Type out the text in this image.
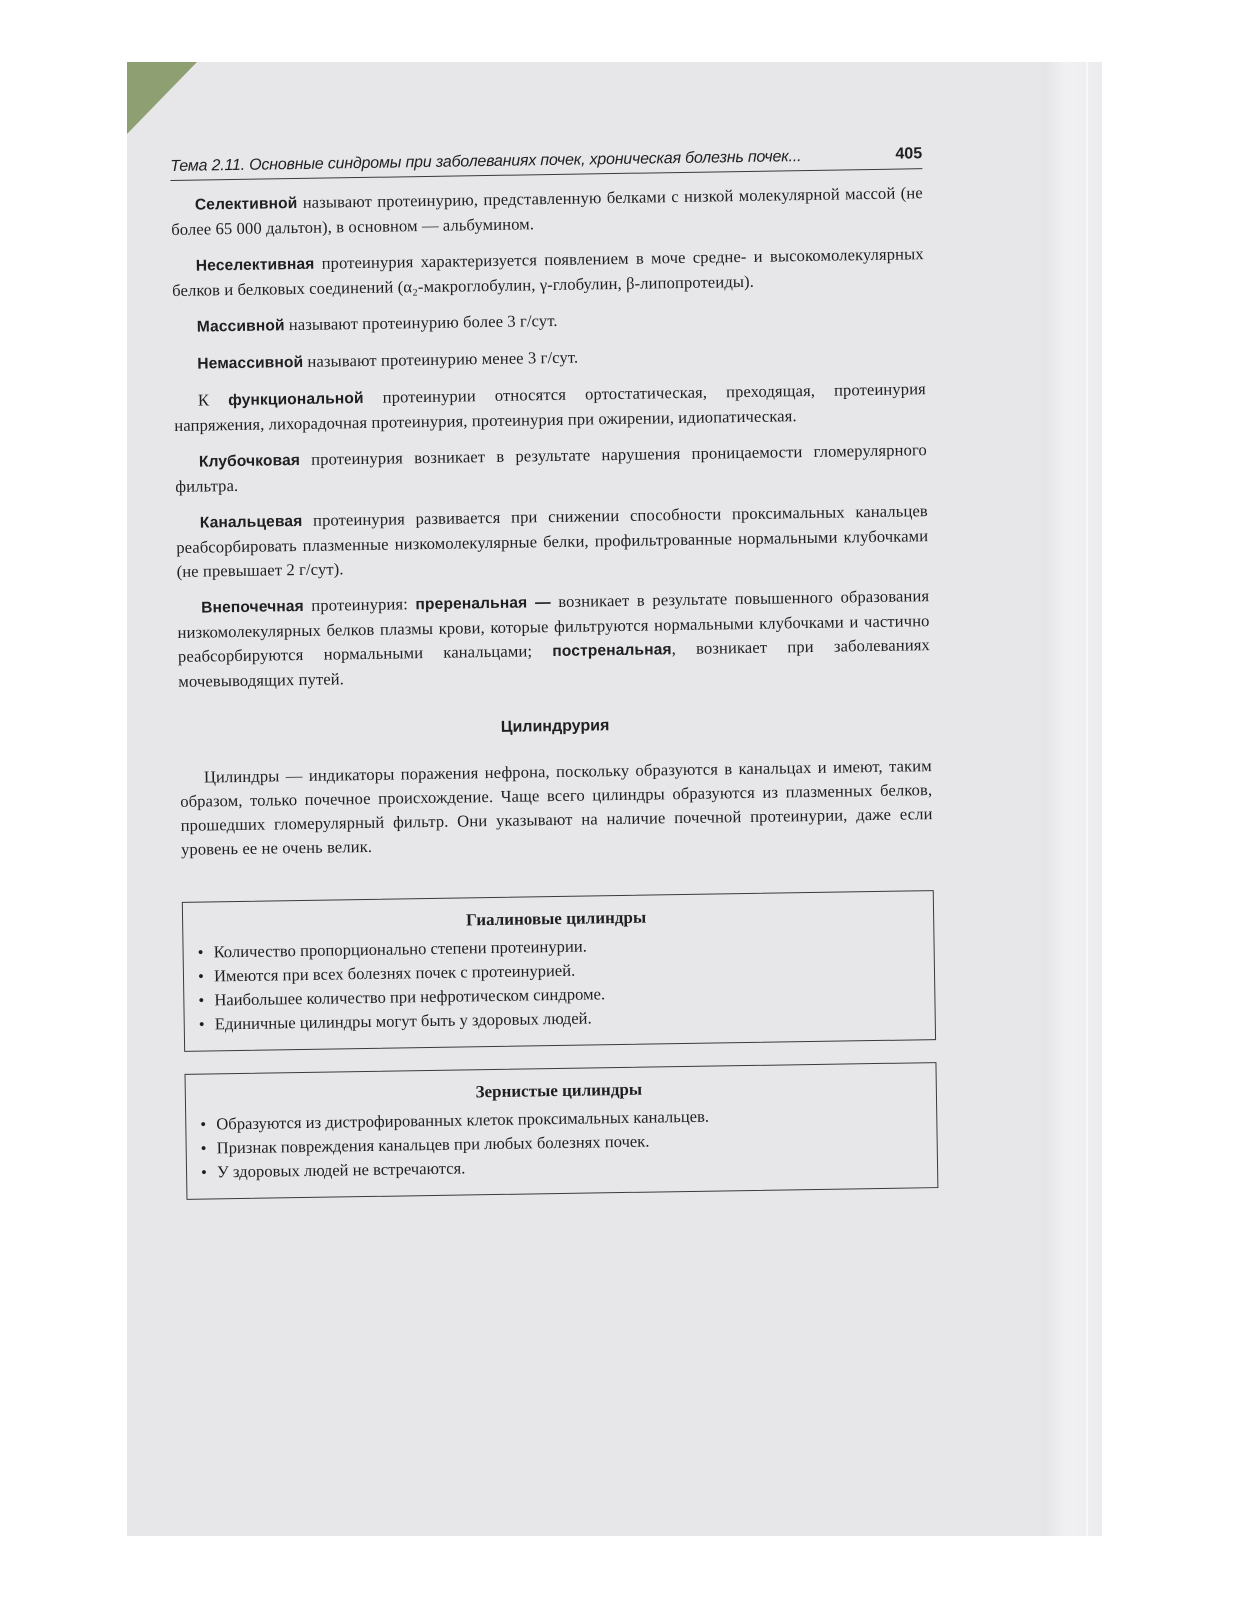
Тема 2.11. Основные синдромы при заболеваниях почек, хроническая болезнь почек...	405

Селективной называют протеинурию, представленную белками с низкой молекулярной массой (не более 65 000 дальтон), в основном — альбумином.

Неселективная протеинурия характеризуется появлением в моче средне- и высокомолекулярных белков и белковых соединений (α₂-макроглобулин, γ-глобулин, β-липопротеиды).

Массивной называют протеинурию более 3 г/сут.

Немассивной называют протеинурию менее 3 г/сут.

К функциональной протеинурии относятся ортостатическая, преходящая, протеинурия напряжения, лихорадочная протеинурия, протеинурия при ожирении, идиопатическая.

Клубочковая протеинурия возникает в результате нарушения проницаемости гломерулярного фильтра.

Канальцевая протеинурия развивается при снижении способности проксимальных канальцев реабсорбировать плазменные низкомолекулярные белки, профильтрованные нормальными клубочками (не превышает 2 г/сут).

Внепочечная протеинурия: преренальная — возникает в результате повышенного образования низкомолекулярных белков плазмы крови, которые фильтруются нормальными клубочками и частично реабсорбируются нормальными канальцами; постренальная, возникает при заболеваниях мочевыводящих путей.

Цилиндрурия

Цилиндры — индикаторы поражения нефрона, поскольку образуются в канальцах и имеют, таким образом, только почечное происхождение. Чаще всего цилиндры образуются из плазменных белков, прошедших гломерулярный фильтр. Они указывают на наличие почечной протеинурии, даже если уровень ее не очень велик.

Гиалиновые цилиндры
• Количество пропорционально степени протеинурии.
• Имеются при всех болезнях почек с протеинурией.
• Наибольшее количество при нефротическом синдроме.
• Единичные цилиндры могут быть у здоровых людей.
Зернистые цилиндры
• Образуются из дистрофированных клеток проксимальных канальцев.
• Признак повреждения канальцев при любых болезнях почек.
• У здоровых людей не встречаются.
